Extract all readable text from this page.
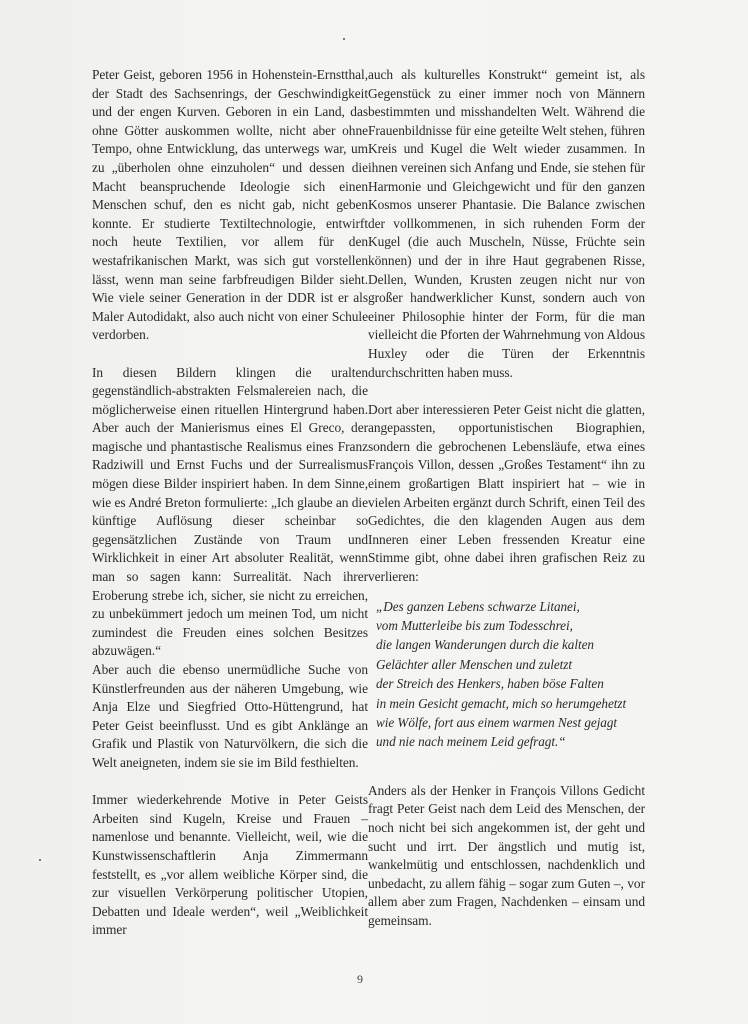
Peter Geist, geboren 1956 in Hohenstein-Ernstthal, der Stadt des Sachsenrings, der Geschwindigkeit und der engen Kurven. Geboren in ein Land, das ohne Götter auskommen wollte, nicht aber ohne Tempo, ohne Entwicklung, das unterwegs war, um zu „überholen ohne einzuholen“ und dessen die Macht beanspruchende Ideologie sich einen Menschen schuf, den es nicht gab, nicht geben konnte. Er studierte Textiltechnologie, entwirft noch heute Textilien, vor allem für den westafrikanischen Markt, was sich gut vorstellen lässt, wenn man seine farbfreudigen Bilder sieht. Wie viele seiner Generation in der DDR ist er als Maler Autodidakt, also auch nicht von einer Schule verdorben.

In diesen Bildern klingen die uralten gegenständlich-abstrakten Felsmalereien nach, die möglicherweise einen rituellen Hintergrund haben. Aber auch der Manierismus eines El Greco, der magische und phantastische Realismus eines Franz Radziwill und Ernst Fuchs und der Surrealismus mögen diese Bilder inspiriert haben. In dem Sinne, wie es André Breton formulierte: „Ich glaube an die künftige Auflösung dieser scheinbar so gegensätzlichen Zustände von Traum und Wirklichkeit in einer Art absoluter Realität, wenn man so sagen kann: Surrealität. Nach ihrer Eroberung strebe ich, sicher, sie nicht zu erreichen, zu unbekümmert jedoch um meinen Tod, um nicht zumindest die Freuden eines solchen Besitzes abzuwägen.“

Aber auch die ebenso unermüdliche Suche von Künstlerfreunden aus der näheren Umgebung, wie Anja Elze und Siegfried Otto-Hüttengrund, hat Peter Geist beeinflusst. Und es gibt Anklänge an Grafik und Plastik von Naturvölkern, die sich die Welt aneigneten, indem sie sie im Bild festhielten.

Immer wiederkehrende Motive in Peter Geists Arbeiten sind Kugeln, Kreise und Frauen – namenlose und benannte. Vielleicht, weil, wie die Kunstwissenschaftlerin Anja Zimmermann feststellt, es „vor allem weibliche Körper sind, die zur visuellen Verkörperung politischer Utopien, Debatten und Ideale werden“, weil „Weiblichkeit immer

auch als kulturelles Konstrukt“ gemeint ist, als Gegenstück zu einer immer noch von Männern bestimmten und misshandelten Welt. Während die Frauenbildnisse für eine geteilte Welt stehen, führen Kreis und Kugel die Welt wieder zusammen. In ihnen vereinen sich Anfang und Ende, sie stehen für Harmonie und Gleichgewicht und für den ganzen Kosmos unserer Phantasie. Die Balance zwischen der vollkommenen, in sich ruhenden Form der Kugel (die auch Muscheln, Nüsse, Früchte sein können) und der in ihre Haut gegrabenen Risse, Dellen, Wunden, Krusten zeugen nicht nur von großer handwerklicher Kunst, sondern auch von einer Philosophie hinter der Form, für die man vielleicht die Pforten der Wahrnehmung von Aldous Huxley oder die Türen der Erkenntnis durchschritten haben muss.

Dort aber interessieren Peter Geist nicht die glatten, angepassten, opportunistischen Biographien, sondern die gebrochenen Lebensläufe, etwa eines François Villon, dessen „Großes Testament“ ihn zu einem großartigen Blatt inspiriert hat – wie in vielen Arbeiten ergänzt durch Schrift, einen Teil des Gedichtes, die den klagenden Augen aus dem Inneren einer Leben fressenden Kreatur eine Stimme gibt, ohne dabei ihren grafischen Reiz zu verlieren:

„Des ganzen Lebens schwarze Litanei,

vom Mutterleibe bis zum Todesschrei,

die langen Wanderungen durch die kalten

Gelächter aller Menschen und zuletzt

der Streich des Henkers, haben böse Falten

in mein Gesicht gemacht, mich so herumgehetzt

wie Wölfe, fort aus einem warmen Nest gejagt

und nie nach meinem Leid gefragt.“

Anders als der Henker in François Villons Gedicht fragt Peter Geist nach dem Leid des Menschen, der noch nicht bei sich angekommen ist, der geht und sucht und irrt. Der ängstlich und mutig ist, wankelmütig und entschlossen, nachdenklich und unbedacht, zu allem fähig – sogar zum Guten –, vor allem aber zum Fragen, Nachdenken – einsam und gemeinsam.

9
